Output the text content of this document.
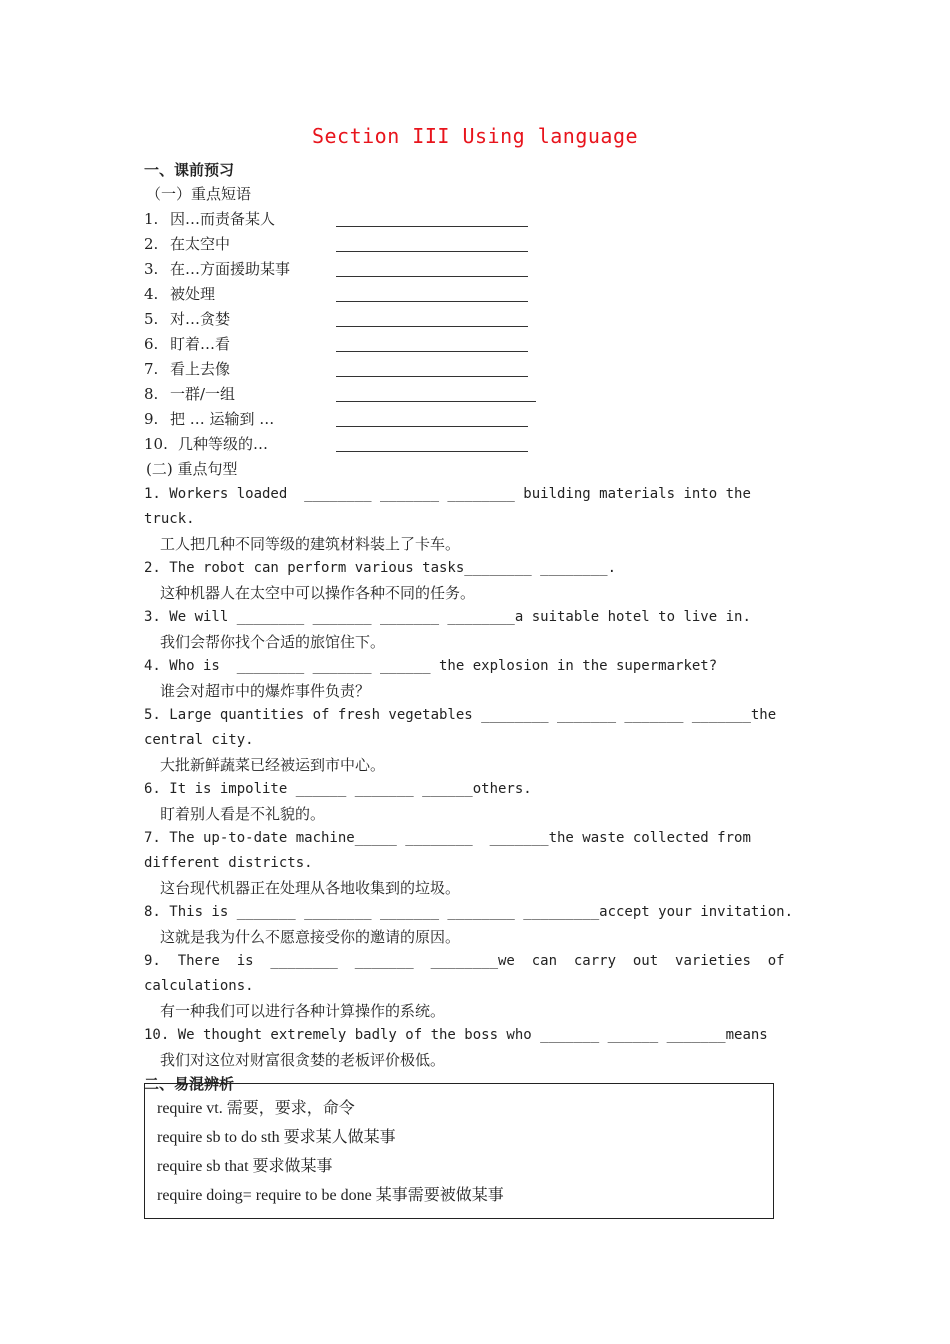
Section III Using language
一、课前预习
（一）重点短语
1. 因…而责备某人
2. 在太空中
3. 在…方面援助某事
4. 被处理
5. 对…贪婪
6. 盯着…看
7. 看上去像
8. 一群/一组
9. 把 … 运输到 …
10. 几种等级的…
(二) 重点句型
1. Workers loaded  ________ _______ ________ building materials into the truck.
工人把几种不同等级的建筑材料装上了卡车。
2. The robot can perform various tasks________ ________.
这种机器人在太空中可以操作各种不同的任务。
3. We will ________ _______ _______ ________a suitable hotel to live in.
我们会帮你找个合适的旅馆住下。
4. Who is  ________ _______ ______ the explosion in the supermarket?
谁会对超市中的爆炸事件负责？
5. Large quantities of fresh vegetables ________ _______ _______ _______the central city.
大批新鲜蔬菜已经被运到市中心。
6. It is impolite ______ _______ ______others.
盯着别人看是不礼貌的。
7. The up-to-date machine_____ ________  _______the waste collected from different districts.
这台现代机器正在处理从各地收集到的垃圾。
8. This is _______ ________ _______ ________ _________accept your invitation.
这就是我为什么不愿意接受你的邀请的原因。
9.  There  is  ________  _______  ________we  can  carry  out  varieties  of calculations.
有一种我们可以进行各种计算操作的系统。
10. We thought extremely badly of the boss who _______ ______ _______means
我们对这位对财富很贪婪的老板评价极低。
二、易混辨析
require vt. 需要，要求，命令
require sb to do sth 要求某人做某事
require sb that 要求做某事
require doing= require to be done 某事需要被做某事
